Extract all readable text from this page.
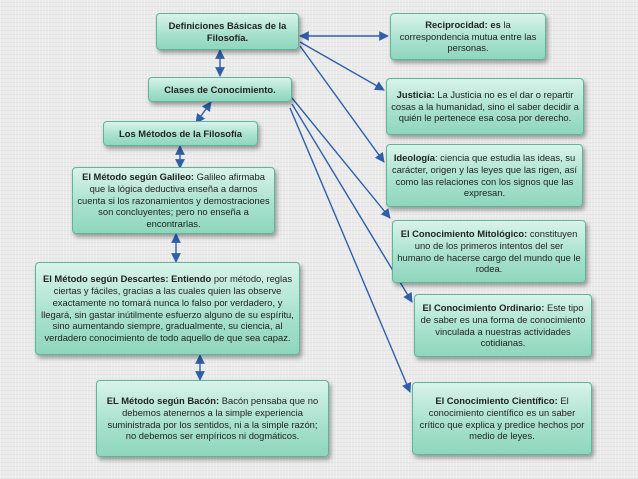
Definiciones Básicas de la Filosofía.
Clases de Conocimiento.
Los Métodos de la Filosofía
El Método según Galileo: Galileo afirmaba que la lógica deductiva enseña a darnos cuenta si los razonamientos y demostraciones son concluyentes; pero no enseña a encontrarlas.
El Método según Descartes: Entiendo por método, reglas ciertas y fáciles, gracias a las cuales quien las observe exactamente no tomará nunca lo falso por verdadero, y llegará, sin gastar inútilmente esfuerzo alguno de su espíritu, sino aumentando siempre, gradualmente, su ciencia, al verdadero conocimiento de todo aquello de que sea capaz.
EL Método según Bacón: Bacón pensaba que no debemos atenernos a la simple experiencia suministrada por los sentidos, ni a la simple razón; no debemos ser empíricos ni dogmáticos.
Reciprocidad: es la correspondencia mutua entre las personas.
Justicia: La Justicia no es el dar o repartir cosas a la humanidad, sino el saber decidir a quién le pertenece esa cosa por derecho.
Ideología: ciencia que estudia las ideas, su carácter, origen y las leyes que las rigen, así como las relaciones con los signos que las expresan.
El Conocimiento Mitológico: constituyen uno de los primeros intentos del ser humano de hacerse cargo del mundo que le rodea.
El Conocimiento Ordinario: Este tipo de saber es una forma de conocimiento vinculada a nuestras actividades cotidianas.
El Conocimiento Científico: El conocimiento científico es un saber crítico que explica y predice hechos por medio de leyes.
